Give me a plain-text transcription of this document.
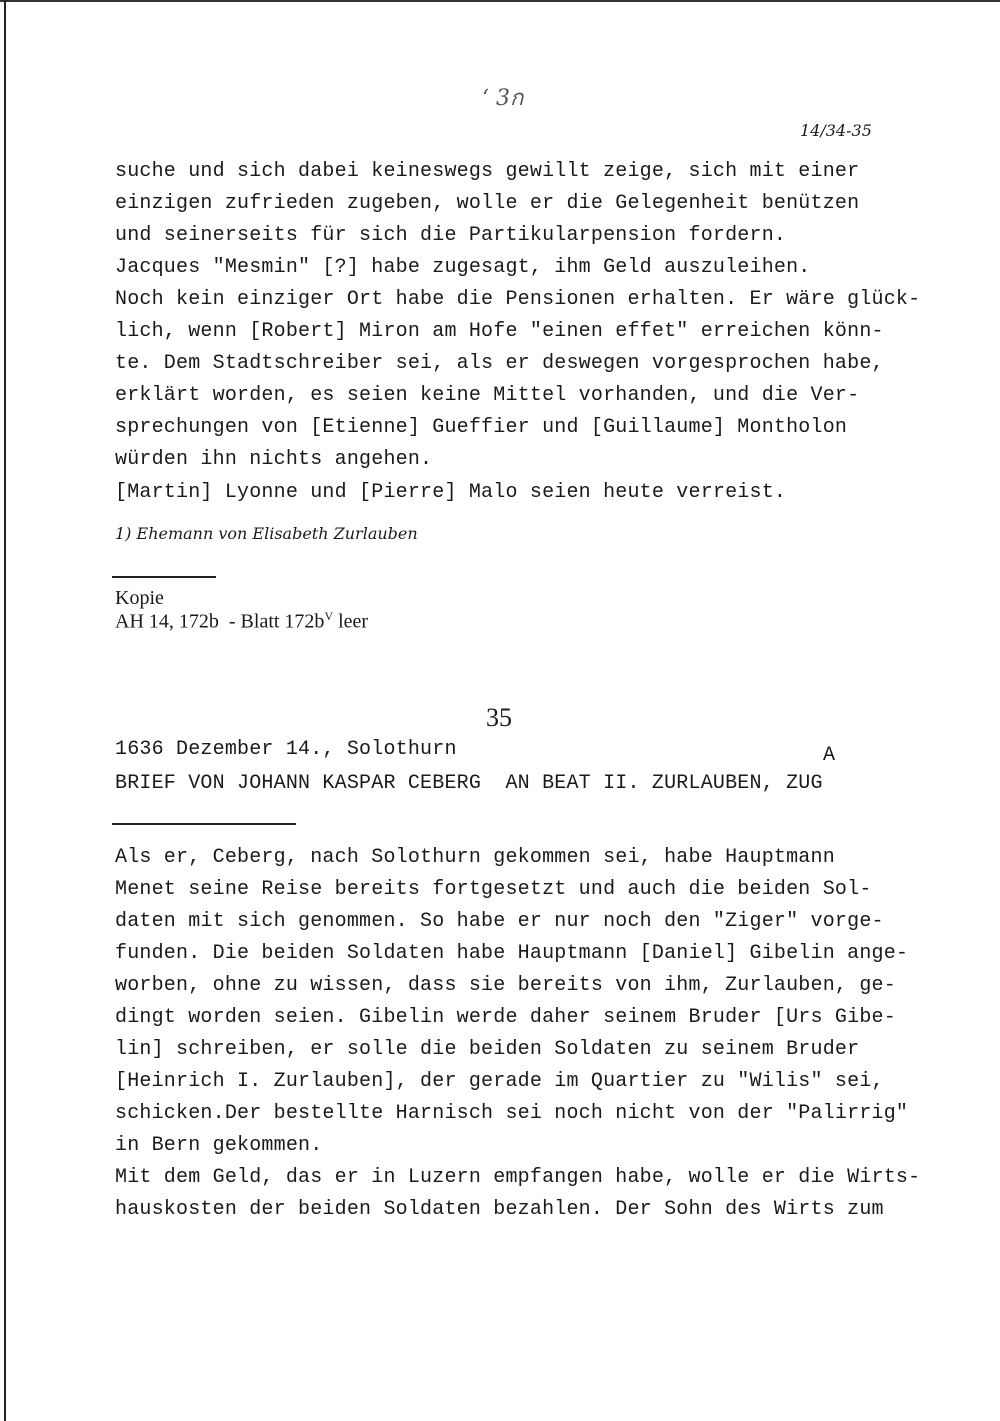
ʻ 3ก
14/34-35
suche und sich dabei keineswegs gewillt zeige, sich mit einer
einzigen zufrieden zugeben, wolle er die Gelegenheit benützen
und seinerseits für sich die Partikularpension fordern.
Jacques "Mesmin" [?] habe zugesagt, ihm Geld auszuleihen.
Noch kein einziger Ort habe die Pensionen erhalten. Er wäre glück-
lich, wenn [Robert] Miron am Hofe "einen effet" erreichen könn-
te. Dem Stadtschreiber sei, als er deswegen vorgesprochen habe,
erklärt worden, es seien keine Mittel vorhanden, und die Ver-
sprechungen von [Etienne] Gueffier und [Guillaume] Montholon
würden ihn nichts angehen.
[Martin] Lyonne und [Pierre] Malo seien heute verreist.
1) Ehemann von Elisabeth Zurlauben
Kopie
AH 14, 172b  - Blatt $172b^V$ leer
35
1636 Dezember 14., Solothurn	A
BRIEF VON JOHANN KASPAR CEBERG  AN BEAT II. ZURLAUBEN, ZUG
Als er, Ceberg, nach Solothurn gekommen sei, habe Hauptmann
Menet seine Reise bereits fortgesetzt und auch die beiden Sol-
daten mit sich genommen. So habe er nur noch den "Ziger" vorge-
funden. Die beiden Soldaten habe Hauptmann [Daniel] Gibelin ange-
worben, ohne zu wissen, dass sie bereits von ihm, Zurlauben, ge-
dingt worden seien. Gibelin werde daher seinem Bruder [Urs Gibe-
lin] schreiben, er solle die beiden Soldaten zu seinem Bruder
[Heinrich I. Zurlauben], der gerade im Quartier zu "Wilis" sei,
schicken.Der bestellte Harnisch sei noch nicht von der "Palirrig"
in Bern gekommen.
Mit dem Geld, das er in Luzern empfangen habe, wolle er die Wirts-
hauskosten der beiden Soldaten bezahlen. Der Sohn des Wirts zum
